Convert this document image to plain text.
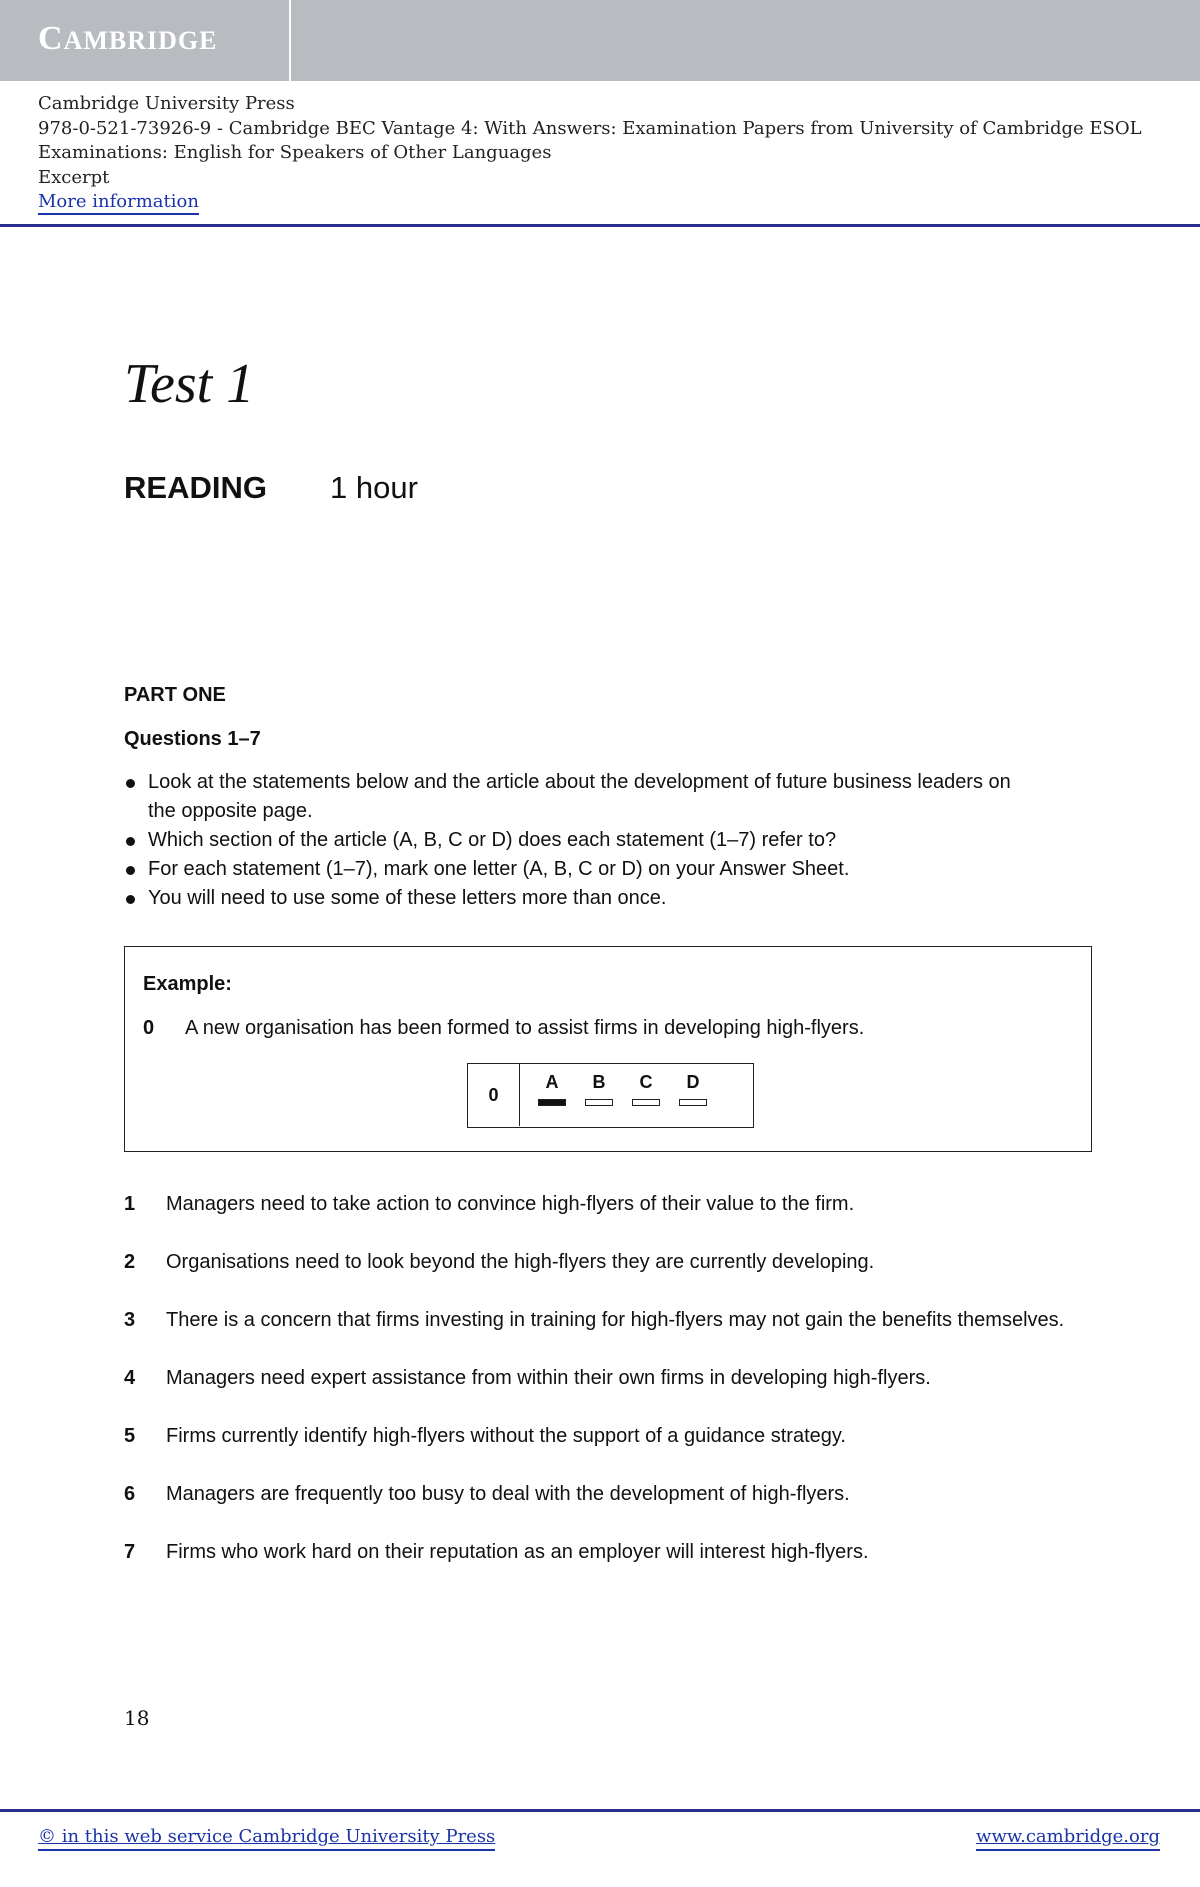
CAMBRIDGE
Cambridge University Press
978-0-521-73926-9 - Cambridge BEC Vantage 4: With Answers: Examination Papers from University of Cambridge ESOL
Examinations: English for Speakers of Other Languages
Excerpt
More information
Test 1
READING 1 hour
PART ONE
Questions 1–7
Look at the statements below and the article about the development of future business leaders on the opposite page.
Which section of the article (A, B, C or D) does each statement (1–7) refer to?
For each statement (1–7), mark one letter (A, B, C or D) on your Answer Sheet.
You will need to use some of these letters more than once.
Example:
0 A new organisation has been formed to assist firms in developing high-flyers.
0
A	B	C	D
1 Managers need to take action to convince high-flyers of their value to the firm.
2 Organisations need to look beyond the high-flyers they are currently developing.
3 There is a concern that firms investing in training for high-flyers may not gain the benefits themselves.
4 Managers need expert assistance from within their own firms in developing high-flyers.
5 Firms currently identify high-flyers without the support of a guidance strategy.
6 Managers are frequently too busy to deal with the development of high-flyers.
7 Firms who work hard on their reputation as an employer will interest high-flyers.
18
© in this web service Cambridge University Press	www.cambridge.org
